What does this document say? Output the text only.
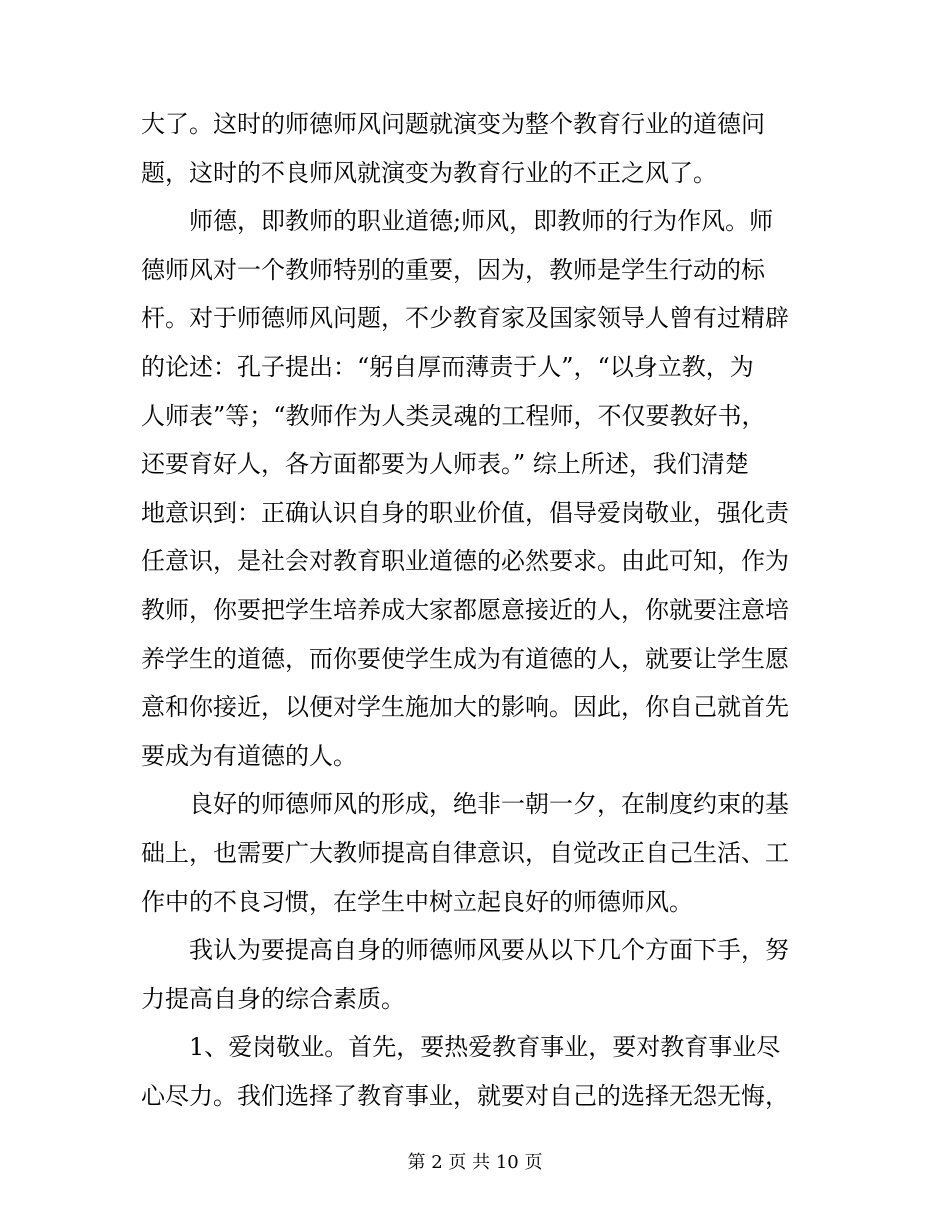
大了。这时的师德师风问题就演变为整个教育行业的道德问
题，这时的不良师风就演变为教育行业的不正之风了。
　　师德，即教师的职业道德;师风，即教师的行为作风。师
德师风对一个教师特别的重要，因为，教师是学生行动的标
杆。对于师德师风问题，不少教育家及国家领导人曾有过精辟
的论述：孔子提出：“躬自厚而薄责于人”，“以身立教，为
人师表”等；“教师作为人类灵魂的工程师，不仅要教好书，
还要育好人，各方面都要为人师表。” 综上所述，我们清楚
地意识到：正确认识自身的职业价值，倡导爱岗敬业，强化责
任意识，是社会对教育职业道德的必然要求。由此可知，作为
教师，你要把学生培养成大家都愿意接近的人，你就要注意培
养学生的道德，而你要使学生成为有道德的人，就要让学生愿
意和你接近，以便对学生施加大的影响。因此，你自己就首先
要成为有道德的人。
　　良好的师德师风的形成，绝非一朝一夕，在制度约束的基
础上，也需要广大教师提高自律意识，自觉改正自己生活、工
作中的不良习惯，在学生中树立起良好的师德师风。
　　我认为要提高自身的师德师风要从以下几个方面下手，努
力提高自身的综合素质。
　　1、爱岗敬业。首先，要热爱教育事业，要对教育事业尽
心尽力。我们选择了教育事业，就要对自己的选择无怨无悔，
第 2 页 共 10 页
